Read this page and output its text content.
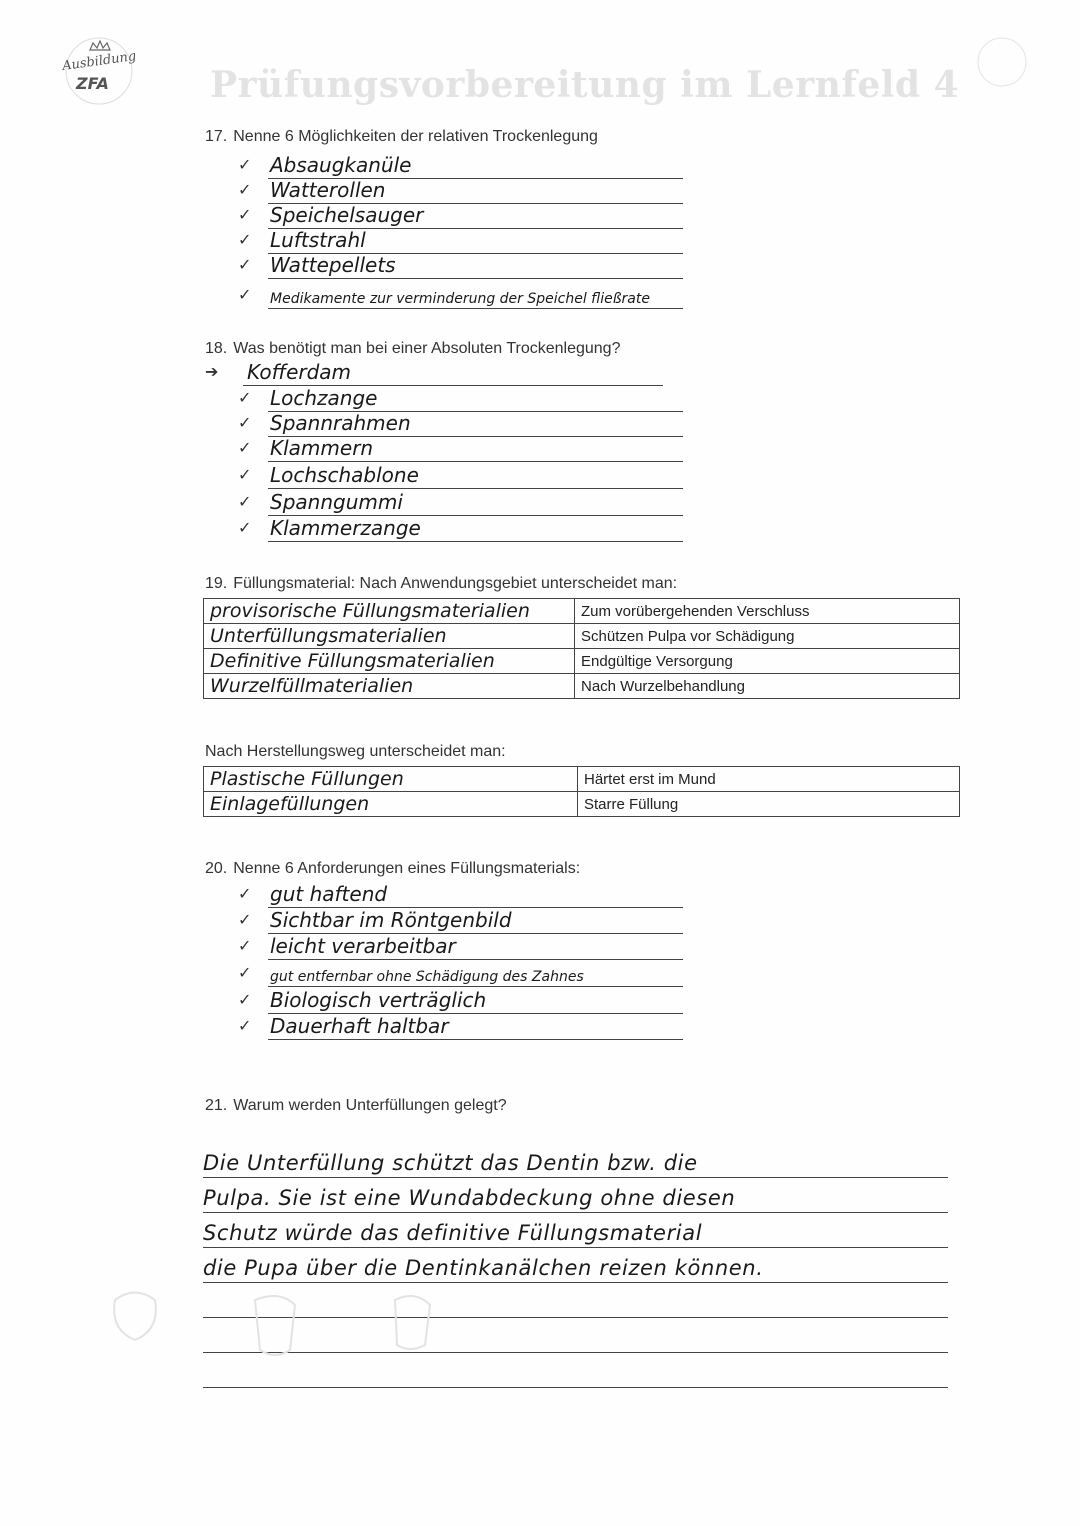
Ausbildung
ZFA
	Prüfungsvorbereitung im Lernfeld 4
17. Nenne 6 Möglichkeiten der relativen Trockenlegung
✓ Absaugkanüle
✓ Watterollen
✓ Speichelsauger
✓ Luftstrahl
✓ Wattepellets
✓ Medikamente zur verminderung der Speichel fließrate
18. Was benötigt man bei einer Absoluten Trockenlegung?
➔ Kofferdam
✓ Lochzange
✓ Spannrahmen
✓ Klammern
✓ Lochschablone
✓ Spanngummi
✓ Klammerzange
19. Füllungsmaterial: Nach Anwendungsgebiet unterscheidet man:
provisorische Füllungsmaterialien	Zum vorübergehenden Verschluss
Unterfüllungsmaterialien	Schützen Pulpa vor Schädigung
Definitive Füllungsmaterialien	Endgültige Versorgung
Wurzelfüllmaterialien	Nach Wurzelbehandlung
Nach Herstellungsweg unterscheidet man:
Plastische Füllungen	Härtet erst im Mund
Einlagefüllungen	Starre Füllung
20. Nenne 6 Anforderungen eines Füllungsmaterials:
✓ gut haftend
✓ Sichtbar im Röntgenbild
✓ leicht verarbeitbar
✓ gut entfernbar ohne Schädigung des Zahnes
✓ Biologisch verträglich
✓ Dauerhaft haltbar
21. Warum werden Unterfüllungen gelegt?
Die Unterfüllung schützt das Dentin bzw. die
Pulpa. Sie ist eine Wundabdeckung ohne diesen
Schutz würde das definitive Füllungsmaterial
die Pupa über die Dentinkanälchen reizen können.
